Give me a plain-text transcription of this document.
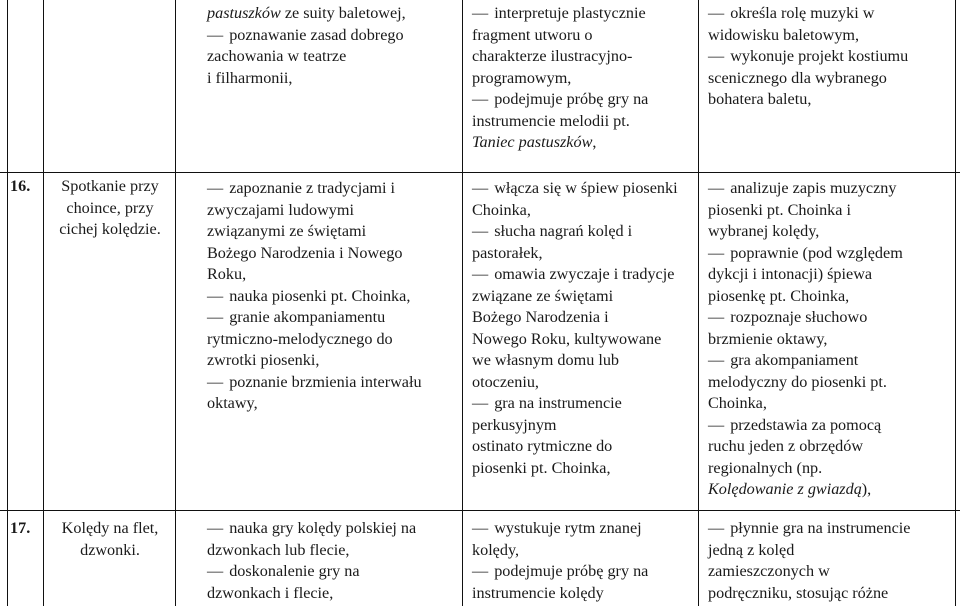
pastuszków ze suity baletowej,
— poznawanie zasad dobrego
zachowania w teatrze
i filharmonii,
— interpretuje plastycznie
fragment utworu o
charakterze ilustracyjno-
programowym,
— podejmuje próbę gry na
instrumencie melodii pt.
Taniec pastuszków,
— określa rolę muzyki w
widowisku baletowym,
— wykonuje projekt kostiumu
scenicznego dla wybranego
bohatera baletu,
16.	Spotkanie przy
choince, przy
cichej kolędzie.
— zapoznanie z tradycjami i
zwyczajami ludowymi
związanymi ze świętami
Bożego Narodzenia i Nowego
Roku,
— nauka piosenki pt. Choinka,
— granie akompaniamentu
rytmiczno-melodycznego do
zwrotki piosenki,
— poznanie brzmienia interwału
oktawy,
— włącza się w śpiew piosenki
Choinka,
— słucha nagrań kolęd i
pastorałek,
— omawia zwyczaje i tradycje
związane ze świętami
Bożego Narodzenia i
Nowego Roku, kultywowane
we własnym domu lub
otoczeniu,
— gra na instrumencie
perkusyjnym
ostinato rytmiczne do
piosenki pt. Choinka,
— analizuje zapis muzyczny
piosenki pt. Choinka i
wybranej kolędy,
— poprawnie (pod względem
dykcji i intonacji) śpiewa
piosenkę pt. Choinka,
— rozpoznaje słuchowo
brzmienie oktawy,
— gra akompaniament
melodyczny do piosenki pt.
Choinka,
— przedstawia za pomocą
ruchu jeden z obrzędów
regionalnych (np.
Kolędowanie z gwiazdą),
17.	Kolędy na flet,
dzwonki.
— nauka gry kolędy polskiej na
dzwonkach lub flecie,
— doskonalenie gry na
dzwonkach i flecie,
— wystukuje rytm znanej
kolędy,
— podejmuje próbę gry na
instrumencie kolędy
— płynnie gra na instrumencie
jedną z kolęd
zamieszczonych w
podręczniku, stosując różne
